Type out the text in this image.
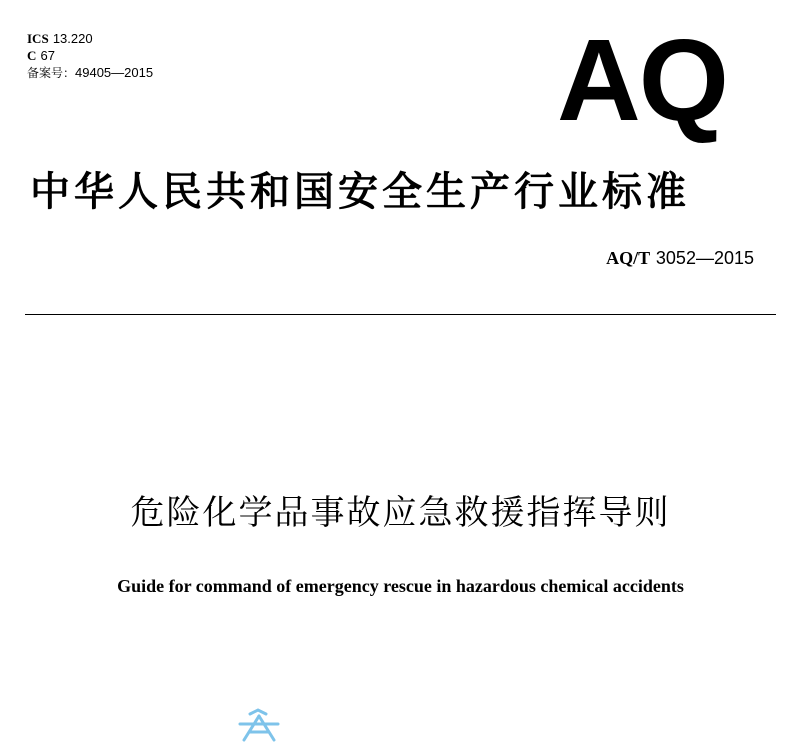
ICS 13.220
C 67
备案号：49405—2015	AQ
中华人民共和国安全生产行业标准
AQ/T 3052—2015
危险化学品事故应急救援指挥导则
Guide for command of emergency rescue in hazardous chemical accidents
